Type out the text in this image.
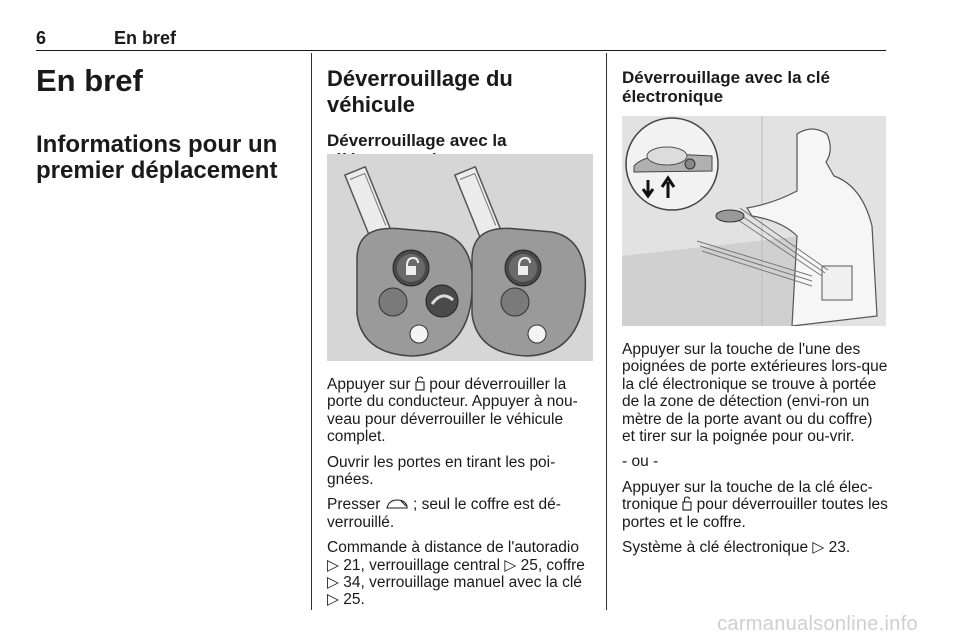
6	En bref
En bref
Informations pour un premier déplacement
Déverrouillage du véhicule
Déverrouillage avec la

Appuyer sur  pour déverrouiller la porte du conducteur. Appuyer à nou-veau pour déverrouiller le véhicule complet.

Ouvrir les portes en tirant les poi-gnées.

Presser  ; seul le coffre est dé-verrouillé.

Commande à distance de l'autoradio ▷ 21, verrouillage central ▷ 25, coffre ▷ 34, verrouillage manuel avec la clé ▷ 25.

Déverrouillage avec la clé électronique

Appuyer sur la touche de l'une des poignées de porte extérieures lors-que la clé électronique se trouve à portée de la zone de détection (envi-ron un mètre de la porte avant ou du coffre) et tirer sur la poignée pour ou-vrir.

- ou -

Appuyer sur la touche de la clé élec-tronique  pour déverrouiller toutes les portes et le coffre.

Système à clé électronique ▷ 23.

carmanualsonline.info
